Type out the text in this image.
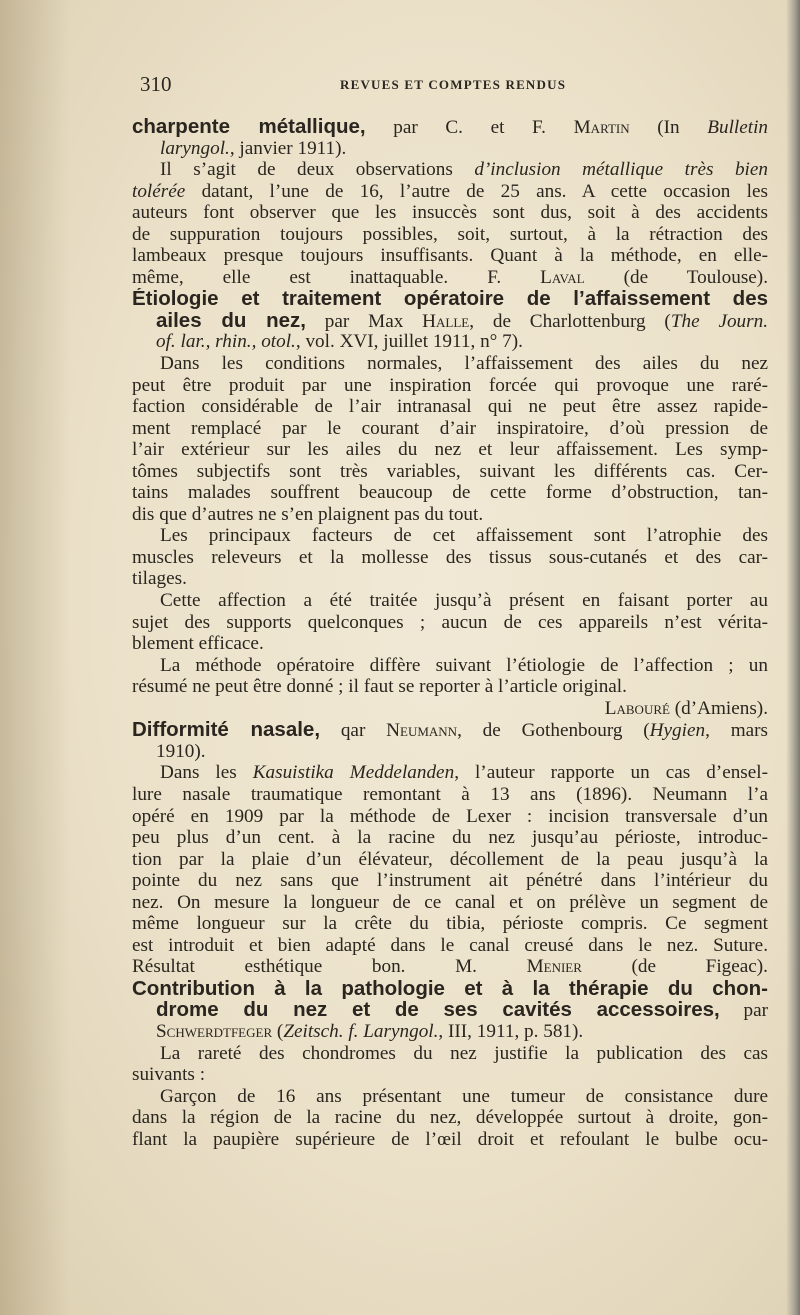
310	REVUES ET COMPTES RENDUS
charpente métallique, par C. et F. Martin (In Bulletin
laryngol., janvier 1911).
Il s’agit de deux observations d’inclusion métallique très bien
tolérée datant, l’une de 16, l’autre de 25 ans. A cette occasion les
auteurs font observer que les insuccès sont dus, soit à des accidents
de suppuration toujours possibles, soit, surtout, à la rétraction des
lambeaux presque toujours insuffisants. Quant à la méthode, en elle-
même, elle est inattaquable. F. Laval (de Toulouse).
Étiologie et traitement opératoire de l’affaissement des
ailes du nez, par Max Halle, de Charlottenburg (The Journ.
of. lar., rhin., otol., vol. XVI, juillet 1911, n° 7).
Dans les conditions normales, l’affaissement des ailes du nez
peut être produit par une inspiration forcée qui provoque une raré-
faction considérable de l’air intranasal qui ne peut être assez rapide-
ment remplacé par le courant d’air inspiratoire, d’où pression de
l’air extérieur sur les ailes du nez et leur affaissement. Les symp-
tômes subjectifs sont très variables, suivant les différents cas. Cer-
tains malades souffrent beaucoup de cette forme d’obstruction, tan-
dis que d’autres ne s’en plaignent pas du tout.
Les principaux facteurs de cet affaissement sont l’atrophie des
muscles releveurs et la mollesse des tissus sous-cutanés et des car-
tilages.
Cette affection a été traitée jusqu’à présent en faisant porter au
sujet des supports quelconques ; aucun de ces appareils n’est vérita-
blement efficace.
La méthode opératoire diffère suivant l’étiologie de l’affection ; un
résumé ne peut être donné ; il faut se reporter à l’article original.
Labouré (d’Amiens).
Difformité nasale, qar Neumann, de Gothenbourg (Hygien, mars
1910).
Dans les Kasuistika Meddelanden, l’auteur rapporte un cas d’ensel-
lure nasale traumatique remontant à 13 ans (1896). Neumann l’a
opéré en 1909 par la méthode de Lexer : incision transversale d’un
peu plus d’un cent. à la racine du nez jusqu’au périoste, introduc-
tion par la plaie d’un élévateur, décollement de la peau jusqu’à la
pointe du nez sans que l’instrument ait pénétré dans l’intérieur du
nez. On mesure la longueur de ce canal et on prélève un segment de
même longueur sur la crête du tibia, périoste compris. Ce segment
est introduit et bien adapté dans le canal creusé dans le nez. Suture.
Résultat esthétique bon. M. Menier (de Figeac).
Contribution à la pathologie et à la thérapie du chon-
drome du nez et de ses cavités accessoires, par
Schwerdtfeger (Zeitsch. f. Laryngol., III, 1911, p. 581).
La rareté des chondromes du nez justifie la publication des cas
suivants :
Garçon de 16 ans présentant une tumeur de consistance dure
dans la région de la racine du nez, développée surtout à droite, gon-
flant la paupière supérieure de l’œil droit et refoulant le bulbe ocu-
